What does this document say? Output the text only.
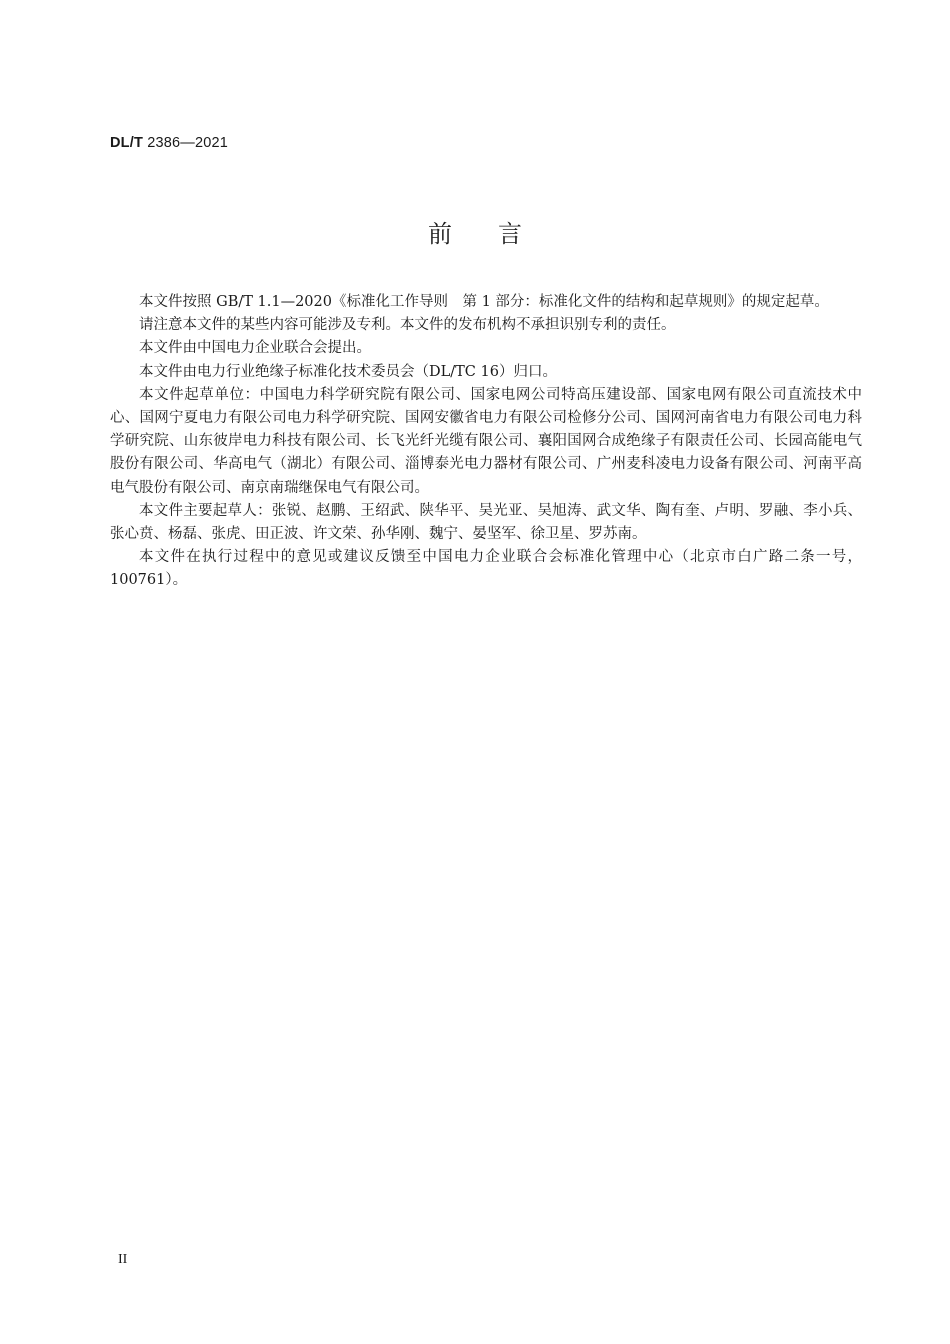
DL/T 2386—2021
前言

本文件按照 GB/T 1.1—2020《标准化工作导则　第 1 部分：标准化文件的结构和起草规则》的规定起草。

请注意本文件的某些内容可能涉及专利。本文件的发布机构不承担识别专利的责任。

本文件由中国电力企业联合会提出。

本文件由电力行业绝缘子标准化技术委员会（DL/TC 16）归口。

本文件起草单位：中国电力科学研究院有限公司、国家电网公司特高压建设部、国家电网有限公司直流技术中心、国网宁夏电力有限公司电力科学研究院、国网安徽省电力有限公司检修分公司、国网河南省电力有限公司电力科学研究院、山东彼岸电力科技有限公司、长飞光纤光缆有限公司、襄阳国网合成绝缘子有限责任公司、长园高能电气股份有限公司、华高电气（湖北）有限公司、淄博泰光电力器材有限公司、广州麦科凌电力设备有限公司、河南平高电气股份有限公司、南京南瑞继保电气有限公司。

本文件主要起草人：张锐、赵鹏、王绍武、陕华平、吴光亚、吴旭涛、武文华、陶有奎、卢明、罗融、李小兵、张心贲、杨磊、张虎、田正波、许文荣、孙华刚、魏宁、晏坚军、徐卫星、罗苏南。

本文件在执行过程中的意见或建议反馈至中国电力企业联合会标准化管理中心（北京市白广路二条一号，100761）。

II
